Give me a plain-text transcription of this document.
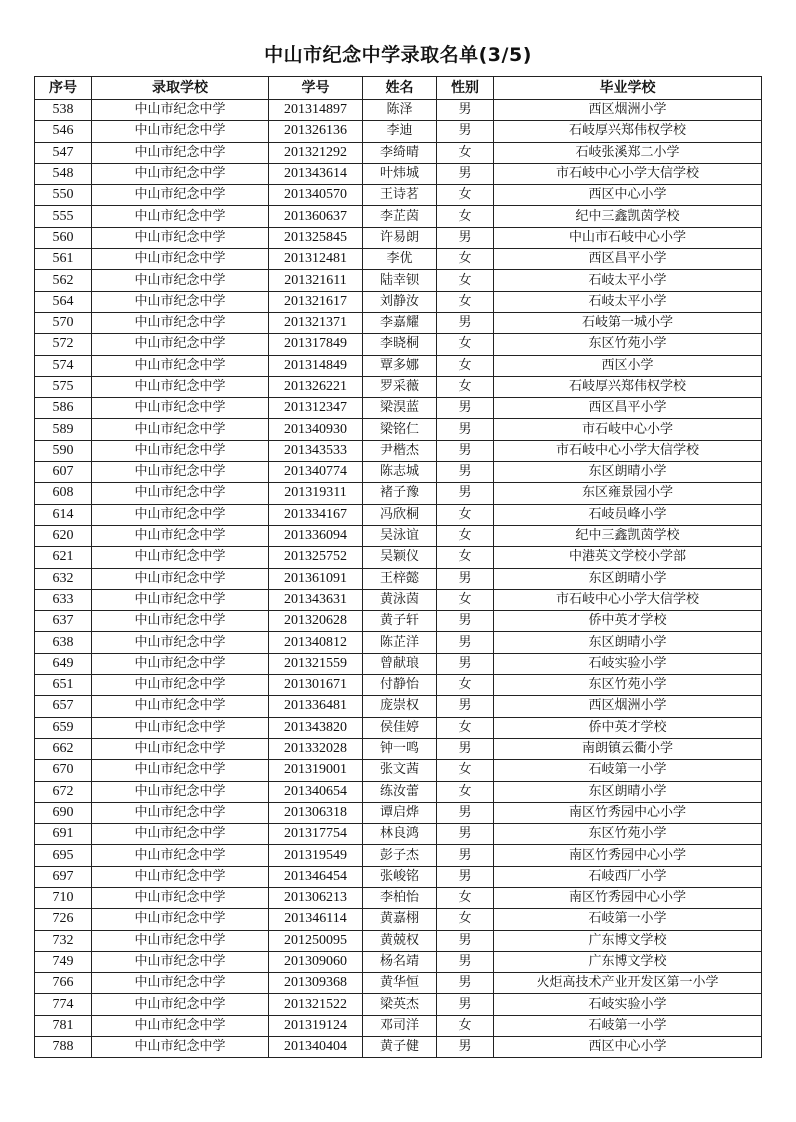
中山市纪念中学录取名单(3/5)
序号	录取学校	学号	姓名	性别	毕业学校
538	中山市纪念中学	201314897	陈泽	男	西区烟洲小学
546	中山市纪念中学	201326136	李迪	男	石岐厚兴郑伟权学校
547	中山市纪念中学	201321292	李绮晴	女	石岐张溪郑二小学
548	中山市纪念中学	201343614	叶炜城	男	市石岐中心小学大信学校
550	中山市纪念中学	201340570	王诗茗	女	西区中心小学
555	中山市纪念中学	201360637	李芷茵	女	纪中三鑫凯茵学校
560	中山市纪念中学	201325845	许易朗	男	中山市石岐中心小学
561	中山市纪念中学	201312481	李优	女	西区昌平小学
562	中山市纪念中学	201321611	陆幸钡	女	石岐太平小学
564	中山市纪念中学	201321617	刘静汝	女	石岐太平小学
570	中山市纪念中学	201321371	李嘉耀	男	石岐第一城小学
572	中山市纪念中学	201317849	李晓桐	女	东区竹苑小学
574	中山市纪念中学	201314849	覃多娜	女	西区小学
575	中山市纪念中学	201326221	罗采薇	女	石岐厚兴郑伟权学校
586	中山市纪念中学	201312347	梁淏蓝	男	西区昌平小学
589	中山市纪念中学	201340930	梁铭仁	男	市石岐中心小学
590	中山市纪念中学	201343533	尹楷杰	男	市石岐中心小学大信学校
607	中山市纪念中学	201340774	陈志城	男	东区朗晴小学
608	中山市纪念中学	201319311	褚子豫	男	东区雍景园小学
614	中山市纪念中学	201334167	冯欣桐	女	石岐员峰小学
620	中山市纪念中学	201336094	吴泳谊	女	纪中三鑫凯茵学校
621	中山市纪念中学	201325752	吴颖仪	女	中港英文学校小学部
632	中山市纪念中学	201361091	王梓懿	男	东区朗晴小学
633	中山市纪念中学	201343631	黄泳茵	女	市石岐中心小学大信学校
637	中山市纪念中学	201320628	黄子轩	男	侨中英才学校
638	中山市纪念中学	201340812	陈芷洋	男	东区朗晴小学
649	中山市纪念中学	201321559	曾献琅	男	石岐实验小学
651	中山市纪念中学	201301671	付静怡	女	东区竹苑小学
657	中山市纪念中学	201336481	庞崇权	男	西区烟洲小学
659	中山市纪念中学	201343820	侯佳婷	女	侨中英才学校
662	中山市纪念中学	201332028	钟一鸣	男	南朗镇云衢小学
670	中山市纪念中学	201319001	张文茜	女	石岐第一小学
672	中山市纪念中学	201340654	练汝蕾	女	东区朗晴小学
690	中山市纪念中学	201306318	谭启烨	男	南区竹秀园中心小学
691	中山市纪念中学	201317754	林良鸿	男	东区竹苑小学
695	中山市纪念中学	201319549	彭子杰	男	南区竹秀园中心小学
697	中山市纪念中学	201346454	张峻铭	男	石岐西厂小学
710	中山市纪念中学	201306213	李柏怡	女	南区竹秀园中心小学
726	中山市纪念中学	201346114	黄嘉栩	女	石岐第一小学
732	中山市纪念中学	201250095	黄兢权	男	广东博文学校
749	中山市纪念中学	201309060	杨名靖	男	广东博文学校
766	中山市纪念中学	201309368	黄华恒	男	火炬高技术产业开发区第一小学
774	中山市纪念中学	201321522	梁英杰	男	石岐实验小学
781	中山市纪念中学	201319124	邓司洋	女	石岐第一小学
788	中山市纪念中学	201340404	黄子健	男	西区中心小学
